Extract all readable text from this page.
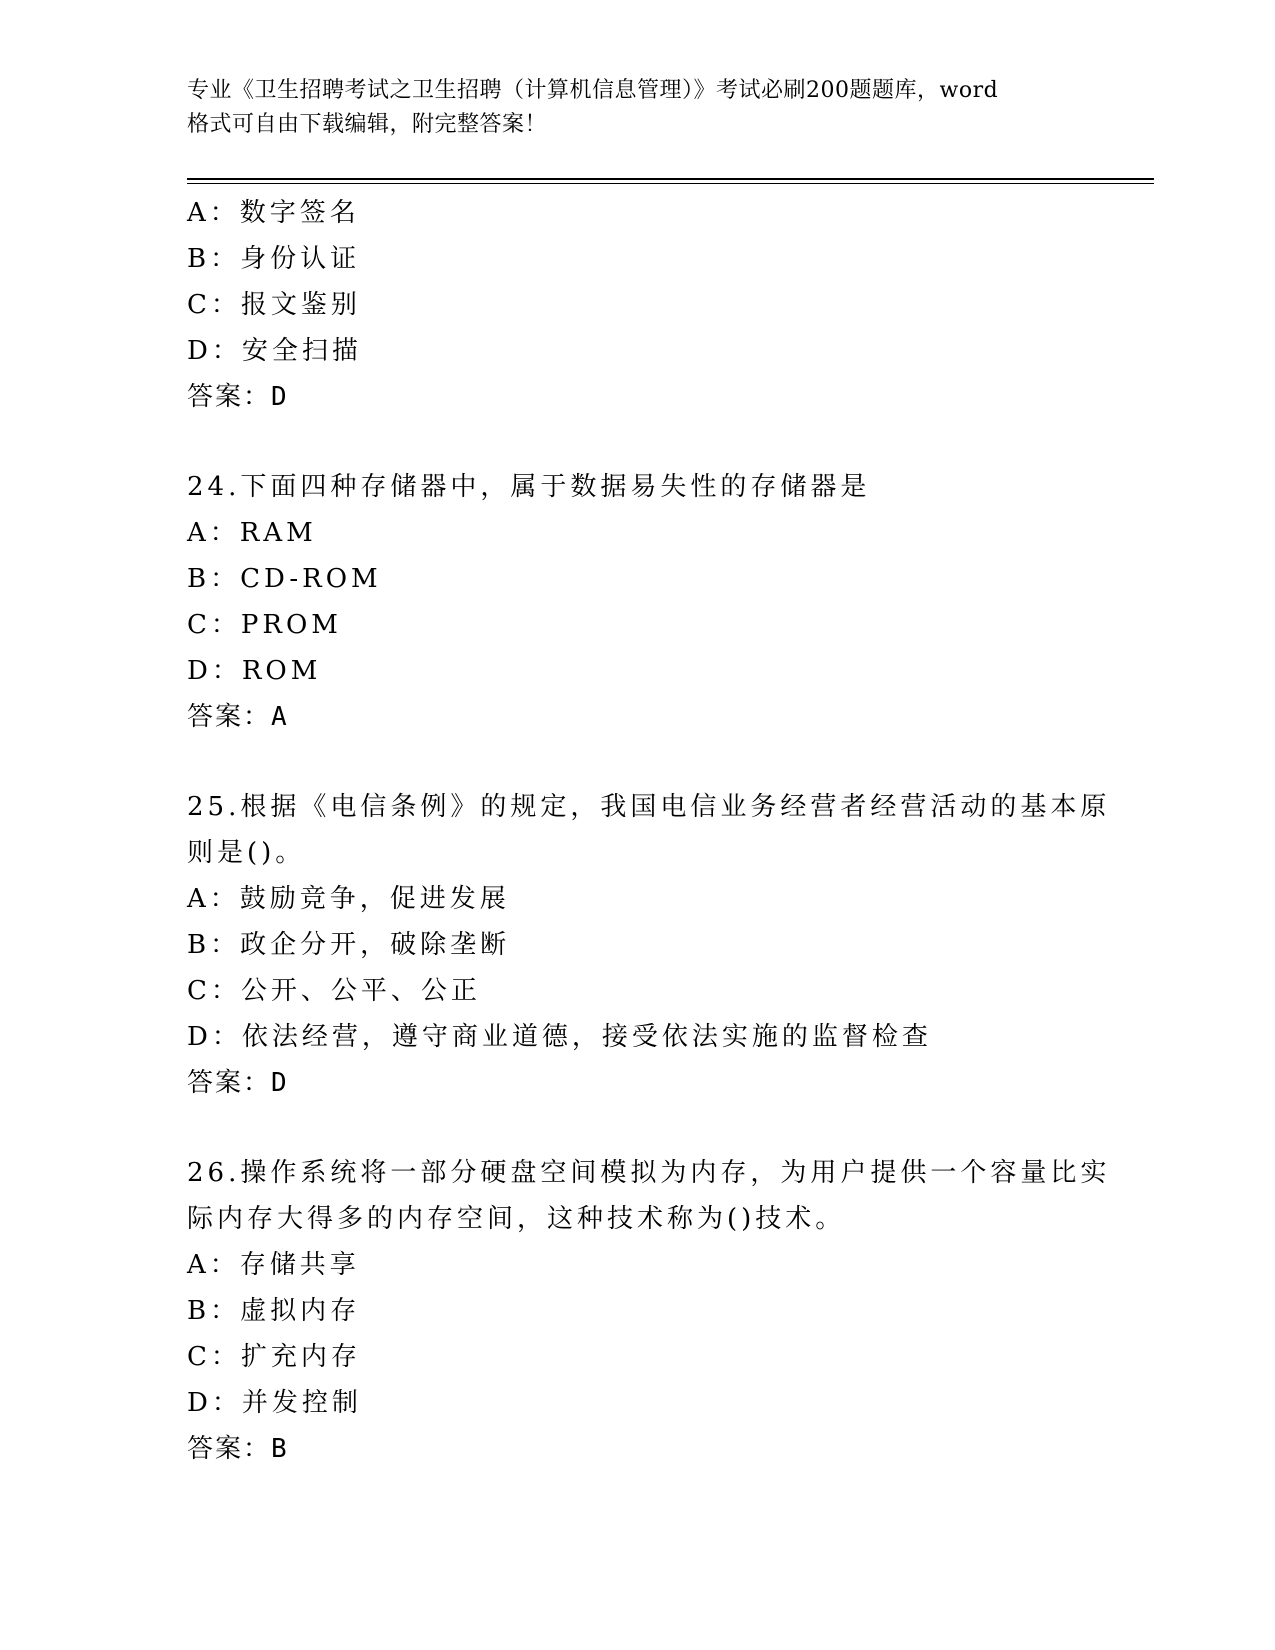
专业《卫生招聘考试之卫生招聘（计算机信息管理）》考试必刷200题题库，word
格式可自由下载编辑，附完整答案！
A：数字签名
B：身份认证
C：报文鉴别
D：安全扫描
答案：D
24.下面四种存储器中，属于数据易失性的存储器是
A：RAM
B：CD-ROM
C：PROM
D：ROM
答案：A
25.根据《电信条例》的规定，我国电信业务经营者经营活动的基本原
则是()。
A：鼓励竞争，促进发展
B：政企分开，破除垄断
C：公开、公平、公正
D：依法经营，遵守商业道德，接受依法实施的监督检查
答案：D
26.操作系统将一部分硬盘空间模拟为内存，为用户提供一个容量比实
际内存大得多的内存空间，这种技术称为()技术。
A：存储共享
B：虚拟内存
C：扩充内存
D：并发控制
答案：B
